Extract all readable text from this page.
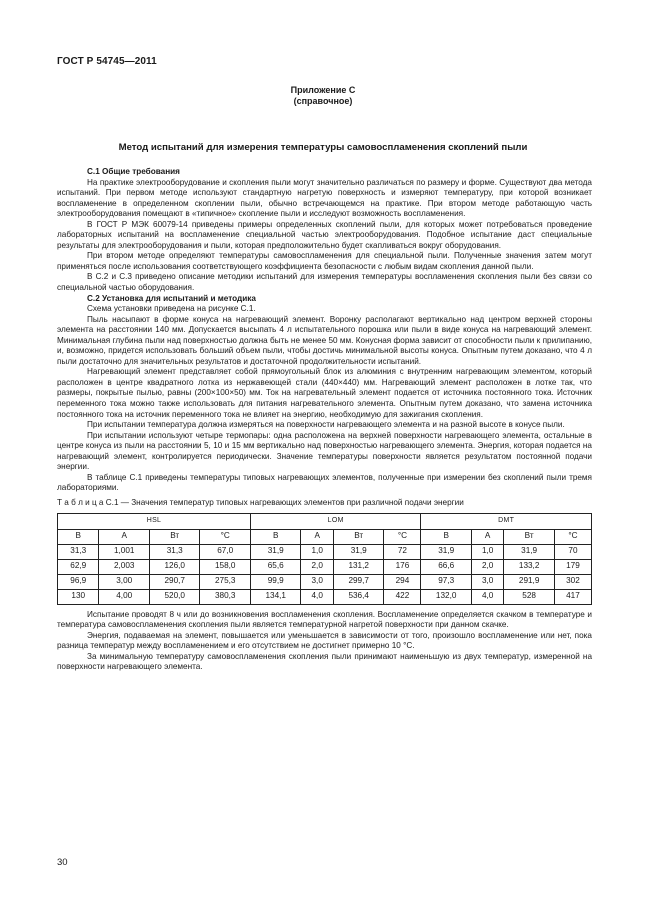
ГОСТ Р 54745—2011
Приложение С
(справочное)
Метод испытаний для измерения температуры самовоспламенения скоплений пыли
С.1 Общие требования

На практике электрооборудование и скопления пыли могут значительно различаться по размеру и форме. Существуют два метода испытаний. При первом методе используют стандартную нагретую поверхность и измеряют температуру, при которой возникает воспламенение в определенном скоплении пыли, обычно встречающемся на практике. При втором методе работающую часть электрооборудования помещают в «типичное» скопление пыли и исследуют возможность воспламенения.

В ГОСТ Р МЭК 60079-14 приведены примеры определенных скоплений пыли, для которых может потребоваться проведение лабораторных испытаний на воспламенение специальной частью электрооборудования. Подобное испытание даст специальные результаты для электрооборудования и пыли, которая предположительно будет скапливаться вокруг оборудования.

При втором методе определяют температуры самовоспламенения для специальной пыли. Полученные значения затем могут применяться после использования соответствующего коэффициента безопасности с любым видам скопления данной пыли.

В С.2 и С.3 приведено описание методики испытаний для измерения температуры воспламенения скопления пыли без связи со специальной частью оборудования.

С.2 Установка для испытаний и методика

Схема установки приведена на рисунке С.1.

Пыль насыпают в форме конуса на нагревающий элемент. Воронку располагают вертикально над центром верхней стороны элемента на расстоянии 140 мм. Допускается высыпать 4 л испытательного порошка или пыли в виде конуса на нагревающий элемент. Минимальная глубина пыли над поверхностью должна быть не менее 50 мм. Конусная форма зависит от способности пыли к прилипанию, и, возможно, придется использовать больший объем пыли, чтобы достичь минимальной высоты конуса. Опытным путем доказано, что 4 л пыли достаточно для значительных результатов и достаточной продолжительности испытаний.

Нагревающий элемент представляет собой прямоугольный блок из алюминия с внутренним нагревающим элементом, который расположен в центре квадратного лотка из нержавеющей стали (440×440) мм. Нагревающий элемент расположен в лотке так, что размеры, покрытые пылью, равны (200×100×50) мм. Ток на нагревательный элемент подается от источника постоянного тока. Источник переменного тока можно также использовать для питания нагревательного элемента. Опытным путем доказано, что замена источника постоянного тока на источник переменного тока не влияет на энергию, необходимую для зажигания скопления.

При испытании температура должна измеряться на поверхности нагревающего элемента и на разной высоте в конусе пыли.

При испытании используют четыре термопары: одна расположена на верхней поверхности нагревающего элемента, остальные в центре конуса из пыли на расстоянии 5, 10 и 15 мм вертикально над поверхностью нагревающего элемента. Энергия, которая подается на нагревающий элемент, контролируется периодически. Значение температуры поверхности является результатом постоянной подачи энергии.

В таблице С.1 приведены температуры типовых нагревающих элементов, полученные при измерении без скоплений пыли тремя лабораториями.

Т а б л и ц а С.1 — Значения температур типовых нагревающих элементов при различной подачи энергии
HSL				LOM				DMT			
В	А	Вт	°С	В	А	Вт	°С	В	А	Вт	°С
31,3	1,001	31,3	67,0	31,9	1,0	31,9	72	31,9	1,0	31,9	70
62,9	2,003	126,0	158,0	65,6	2,0	131,2	176	66,6	2,0	133,2	179
96,9	3,00	290,7	275,3	99,9	3,0	299,7	294	97,3	3,0	291,9	302
130	4,00	520,0	380,3	134,1	4,0	536,4	422	132,0	4,0	528	417

Испытание проводят 8 ч или до возникновения воспламенения скопления. Воспламенение определяется скачком в температуре и температура самовоспламенения скопления пыли является температурной нагретой поверхности при данном скачке.

Энергия, подаваемая на элемент, повышается или уменьшается в зависимости от того, произошло воспламенение или нет, пока разница температур между воспламенением и его отсутствием не достигнет примерно 10 °С.

За минимальную температуру самовоспламенения скопления пыли принимают наименьшую из двух температур, измеренной на поверхности нагревающего элемента.

30
